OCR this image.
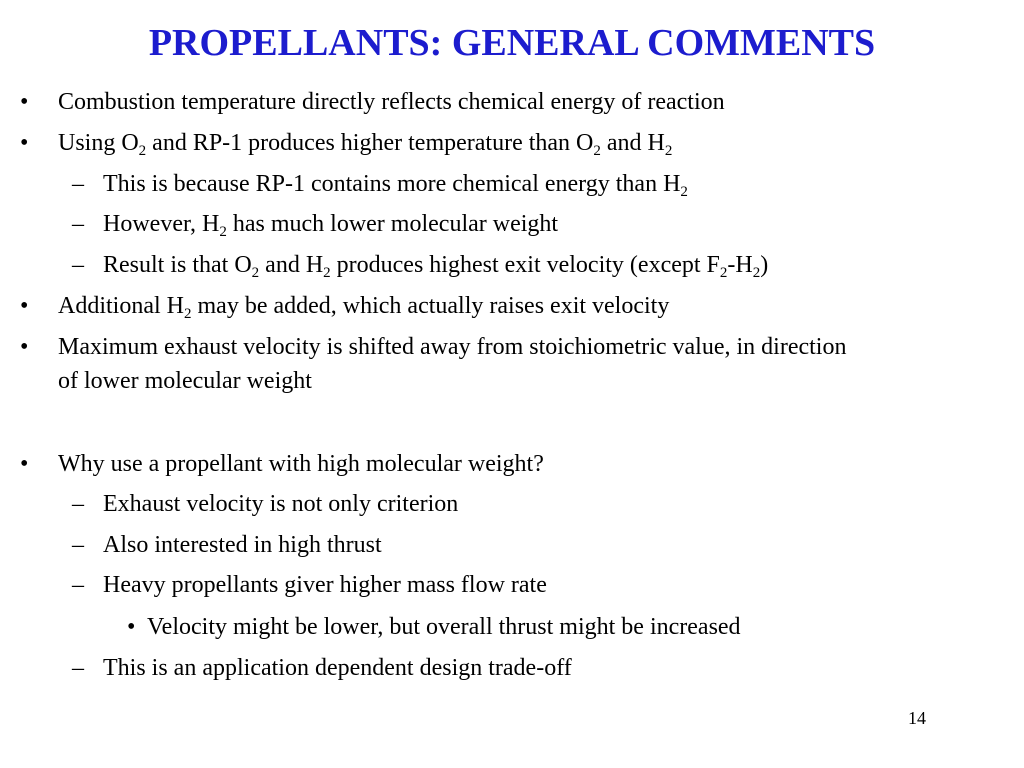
PROPELLANTS: GENERAL COMMENTS
• Combustion temperature directly reflects chemical energy of reaction
• Using $O_2$ and RP-1 produces higher temperature than $O_2$ and $H_2$
– This is because RP-1 contains more chemical energy than $H_2$
– However, $H_2$ has much lower molecular weight
– Result is that $O_2$ and $H_2$ produces highest exit velocity (except $F_2-H_2$)
• Additional $H_2$ may be added, which actually raises exit velocity
• Maximum exhaust velocity is shifted away from stoichiometric value, in direction
of lower molecular weight
• Why use a propellant with high molecular weight?
– Exhaust velocity is not only criterion
– Also interested in high thrust
– Heavy propellants giver higher mass flow rate
• Velocity might be lower, but overall thrust might be increased
– This is an application dependent design trade-off
14
